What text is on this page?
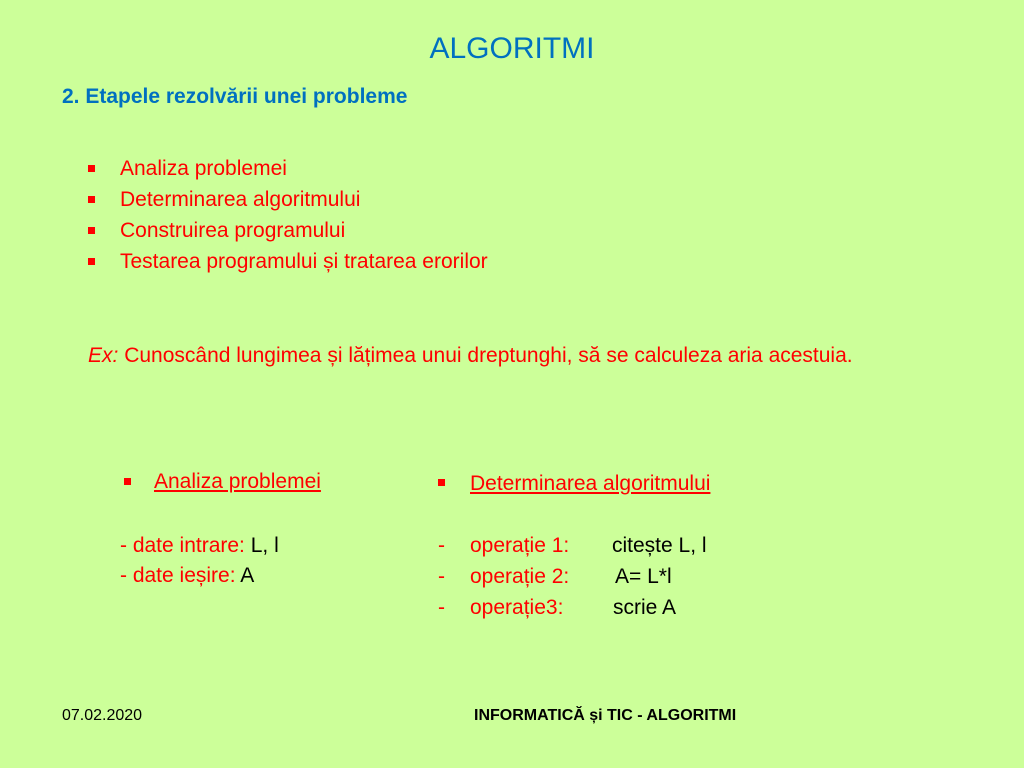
ALGORITMI
2. Etapele rezolvării unei probleme
Analiza problemei
Determinarea algoritmului
Construirea programului
Testarea programului și tratarea erorilor
Ex: Cunoscând lungimea și lățimea unui dreptunghi, să se calculeza aria acestuia.
Analiza problemei
- date intrare: L, l
- date ieșire: A
Determinarea algoritmului
- operație 1: citește L, l
- operație 2: A= L*l
- operație3: scrie A
07.02.2020	INFORMATICĂ și TIC - ALGORITMI
